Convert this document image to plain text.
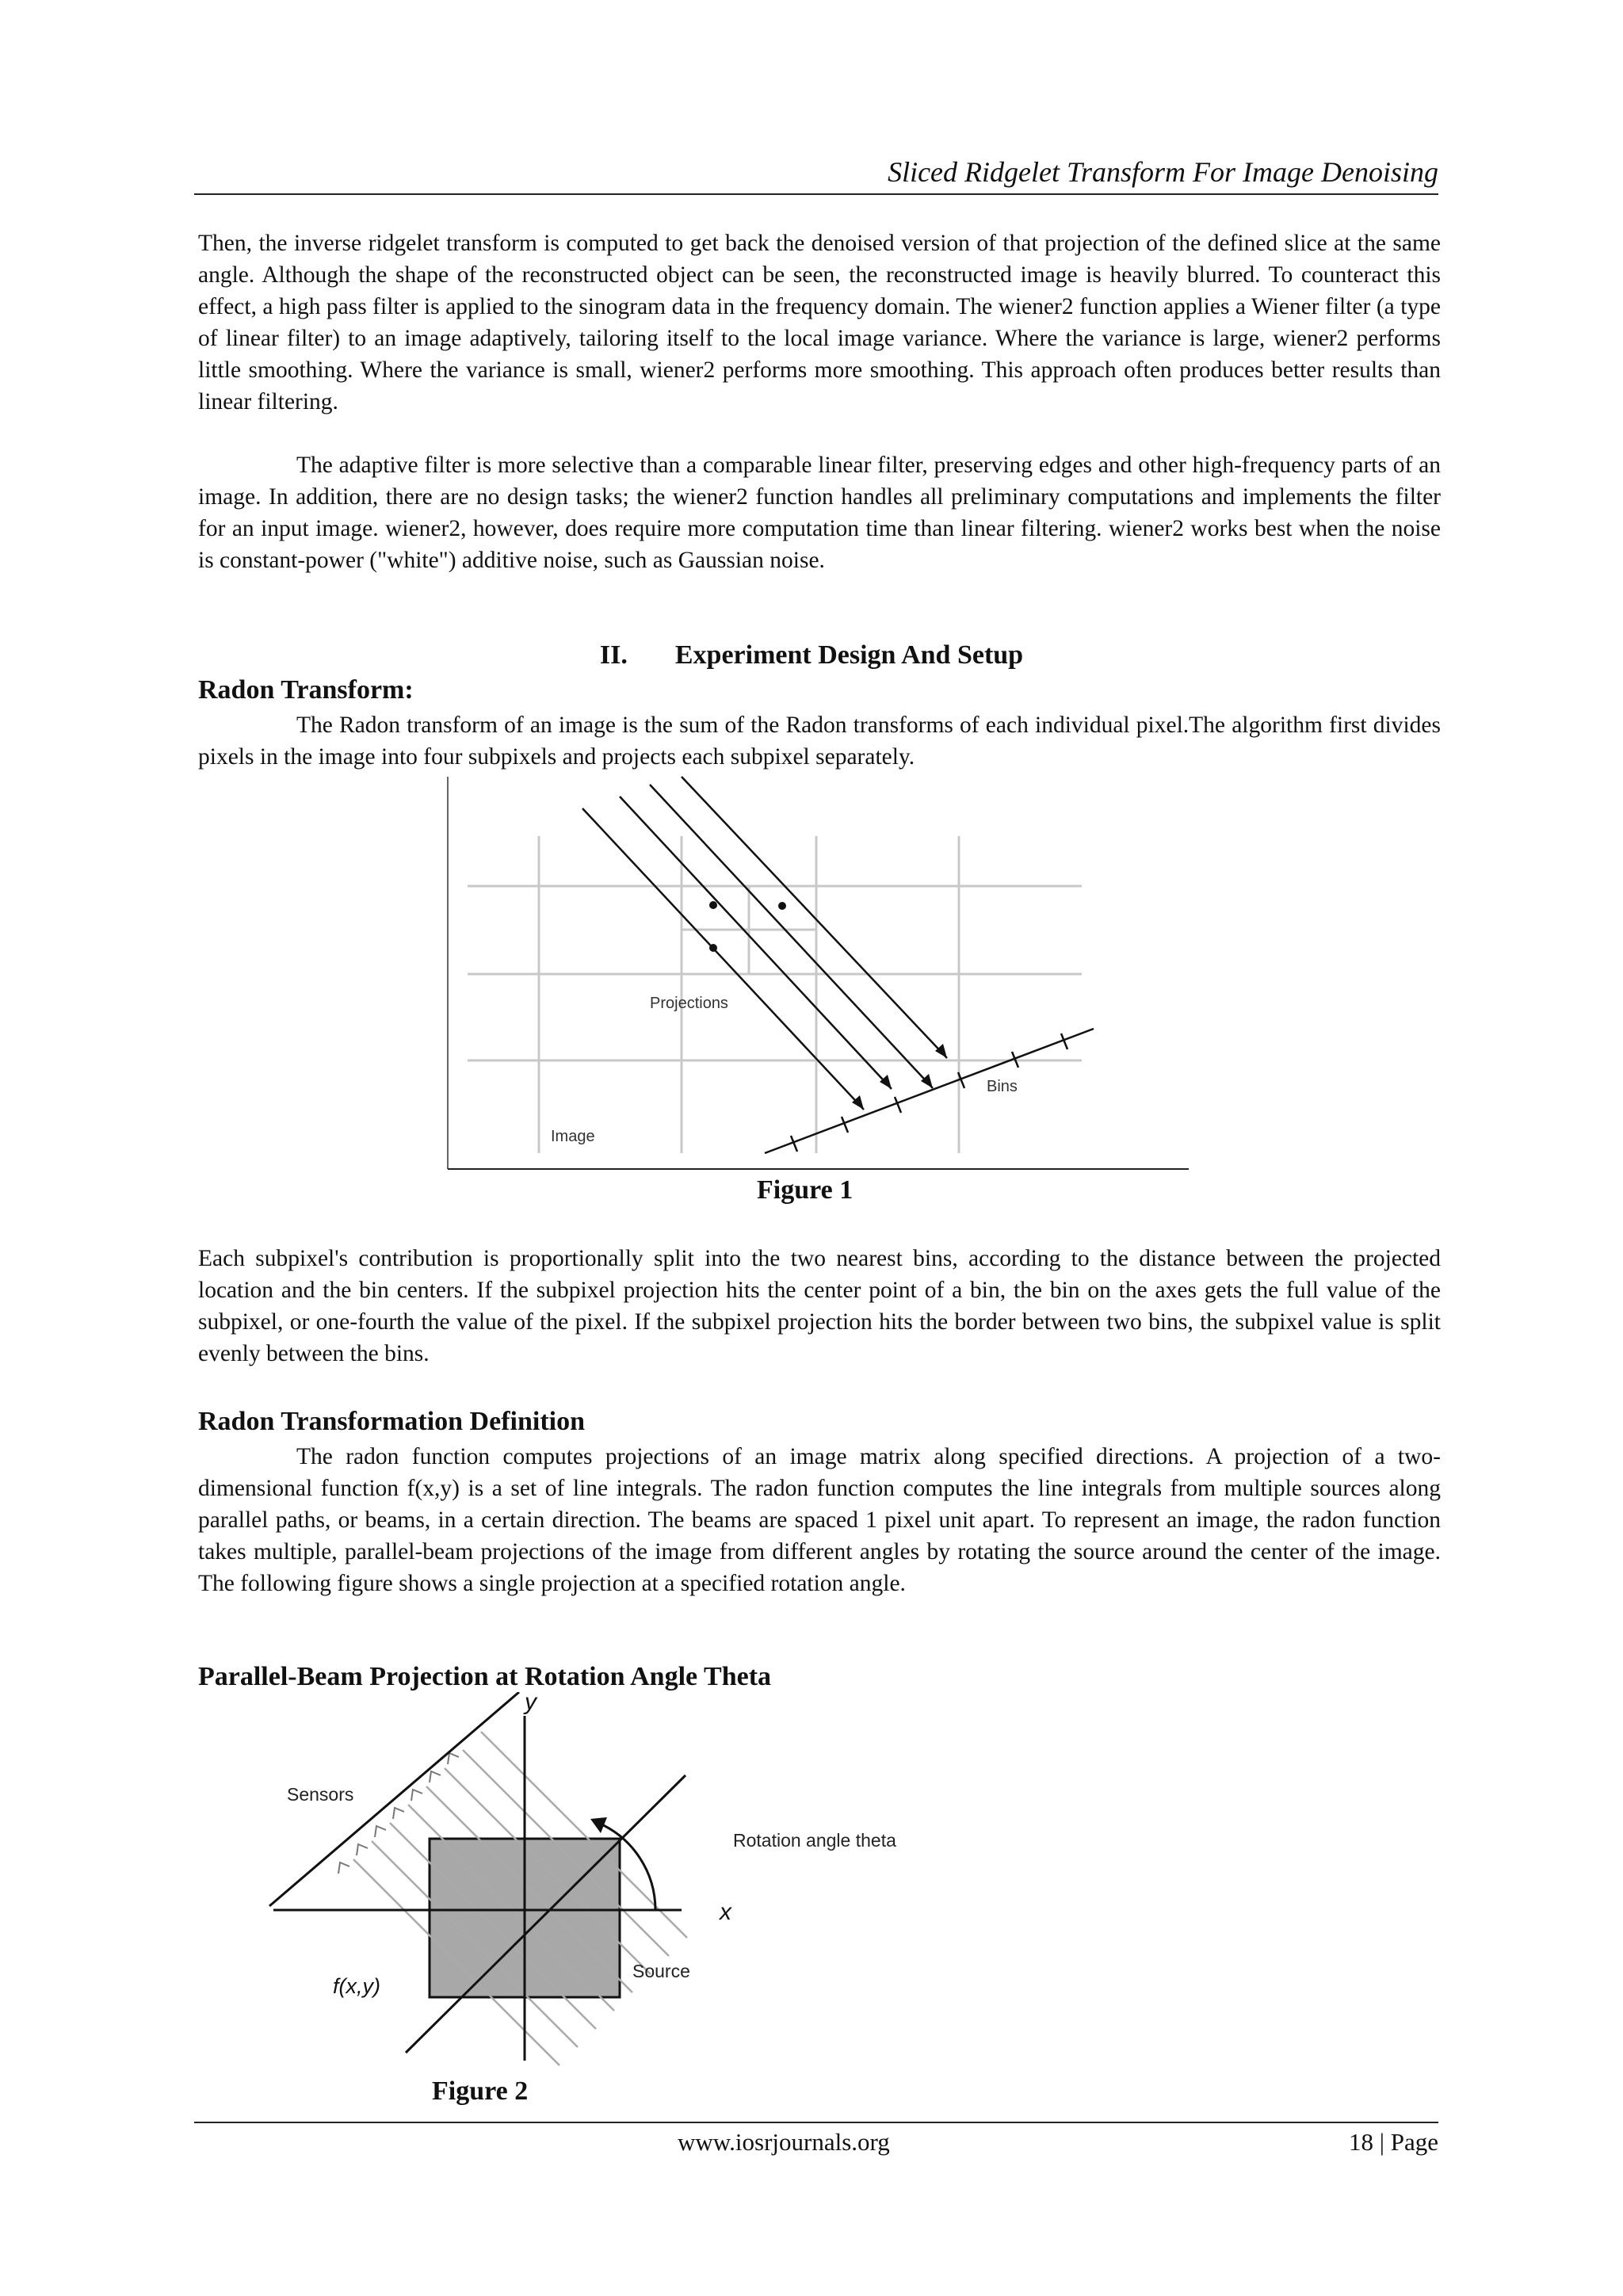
Sliced Ridgelet Transform For Image Denoising

Then, the inverse ridgelet transform is computed to get back the denoised version of that projection of the defined slice at the same angle. Although the shape of the reconstructed object can be seen, the reconstructed image is heavily blurred. To counteract this effect, a high pass filter is applied to the sinogram data in the frequency domain. The wiener2 function applies a Wiener filter (a type of linear filter) to an image adaptively, tailoring itself to the local image variance. Where the variance is large, wiener2 performs little smoothing. Where the variance is small, wiener2 performs more smoothing. This approach often produces better results than linear filtering.

The adaptive filter is more selective than a comparable linear filter, preserving edges and other high-frequency parts of an image. In addition, there are no design tasks; the wiener2 function handles all preliminary computations and implements the filter for an input image. wiener2, however, does require more computation time than linear filtering. wiener2 works best when the noise is constant-power ("white") additive noise, such as Gaussian noise.

II. Experiment Design And Setup
Radon Transform:

The Radon transform of an image is the sum of the Radon transforms of each individual pixel.The algorithm first divides pixels in the image into four subpixels and projects each subpixel separately.

Projections
Bins
Image
Figure 1

Each subpixel's contribution is proportionally split into the two nearest bins, according to the distance between the projected location and the bin centers. If the subpixel projection hits the center point of a bin, the bin on the axes gets the full value of the subpixel, or one-fourth the value of the pixel. If the subpixel projection hits the border between two bins, the subpixel value is split evenly between the bins.

Radon Transformation Definition

The radon function computes projections of an image matrix along specified directions. A projection of a two-dimensional function f(x,y) is a set of line integrals. The radon function computes the line integrals from multiple sources along parallel paths, or beams, in a certain direction. The beams are spaced 1 pixel unit apart. To represent an image, the radon function takes multiple, parallel-beam projections of the image from different angles by rotating the source around the center of the image. The following figure shows a single projection at a specified rotation angle.

Parallel-Beam Projection at Rotation Angle Theta
y
x
Sensors
Rotation angle theta
f(x,y)
Source
Figure 2
www.iosrjournals.org	18 | Page
